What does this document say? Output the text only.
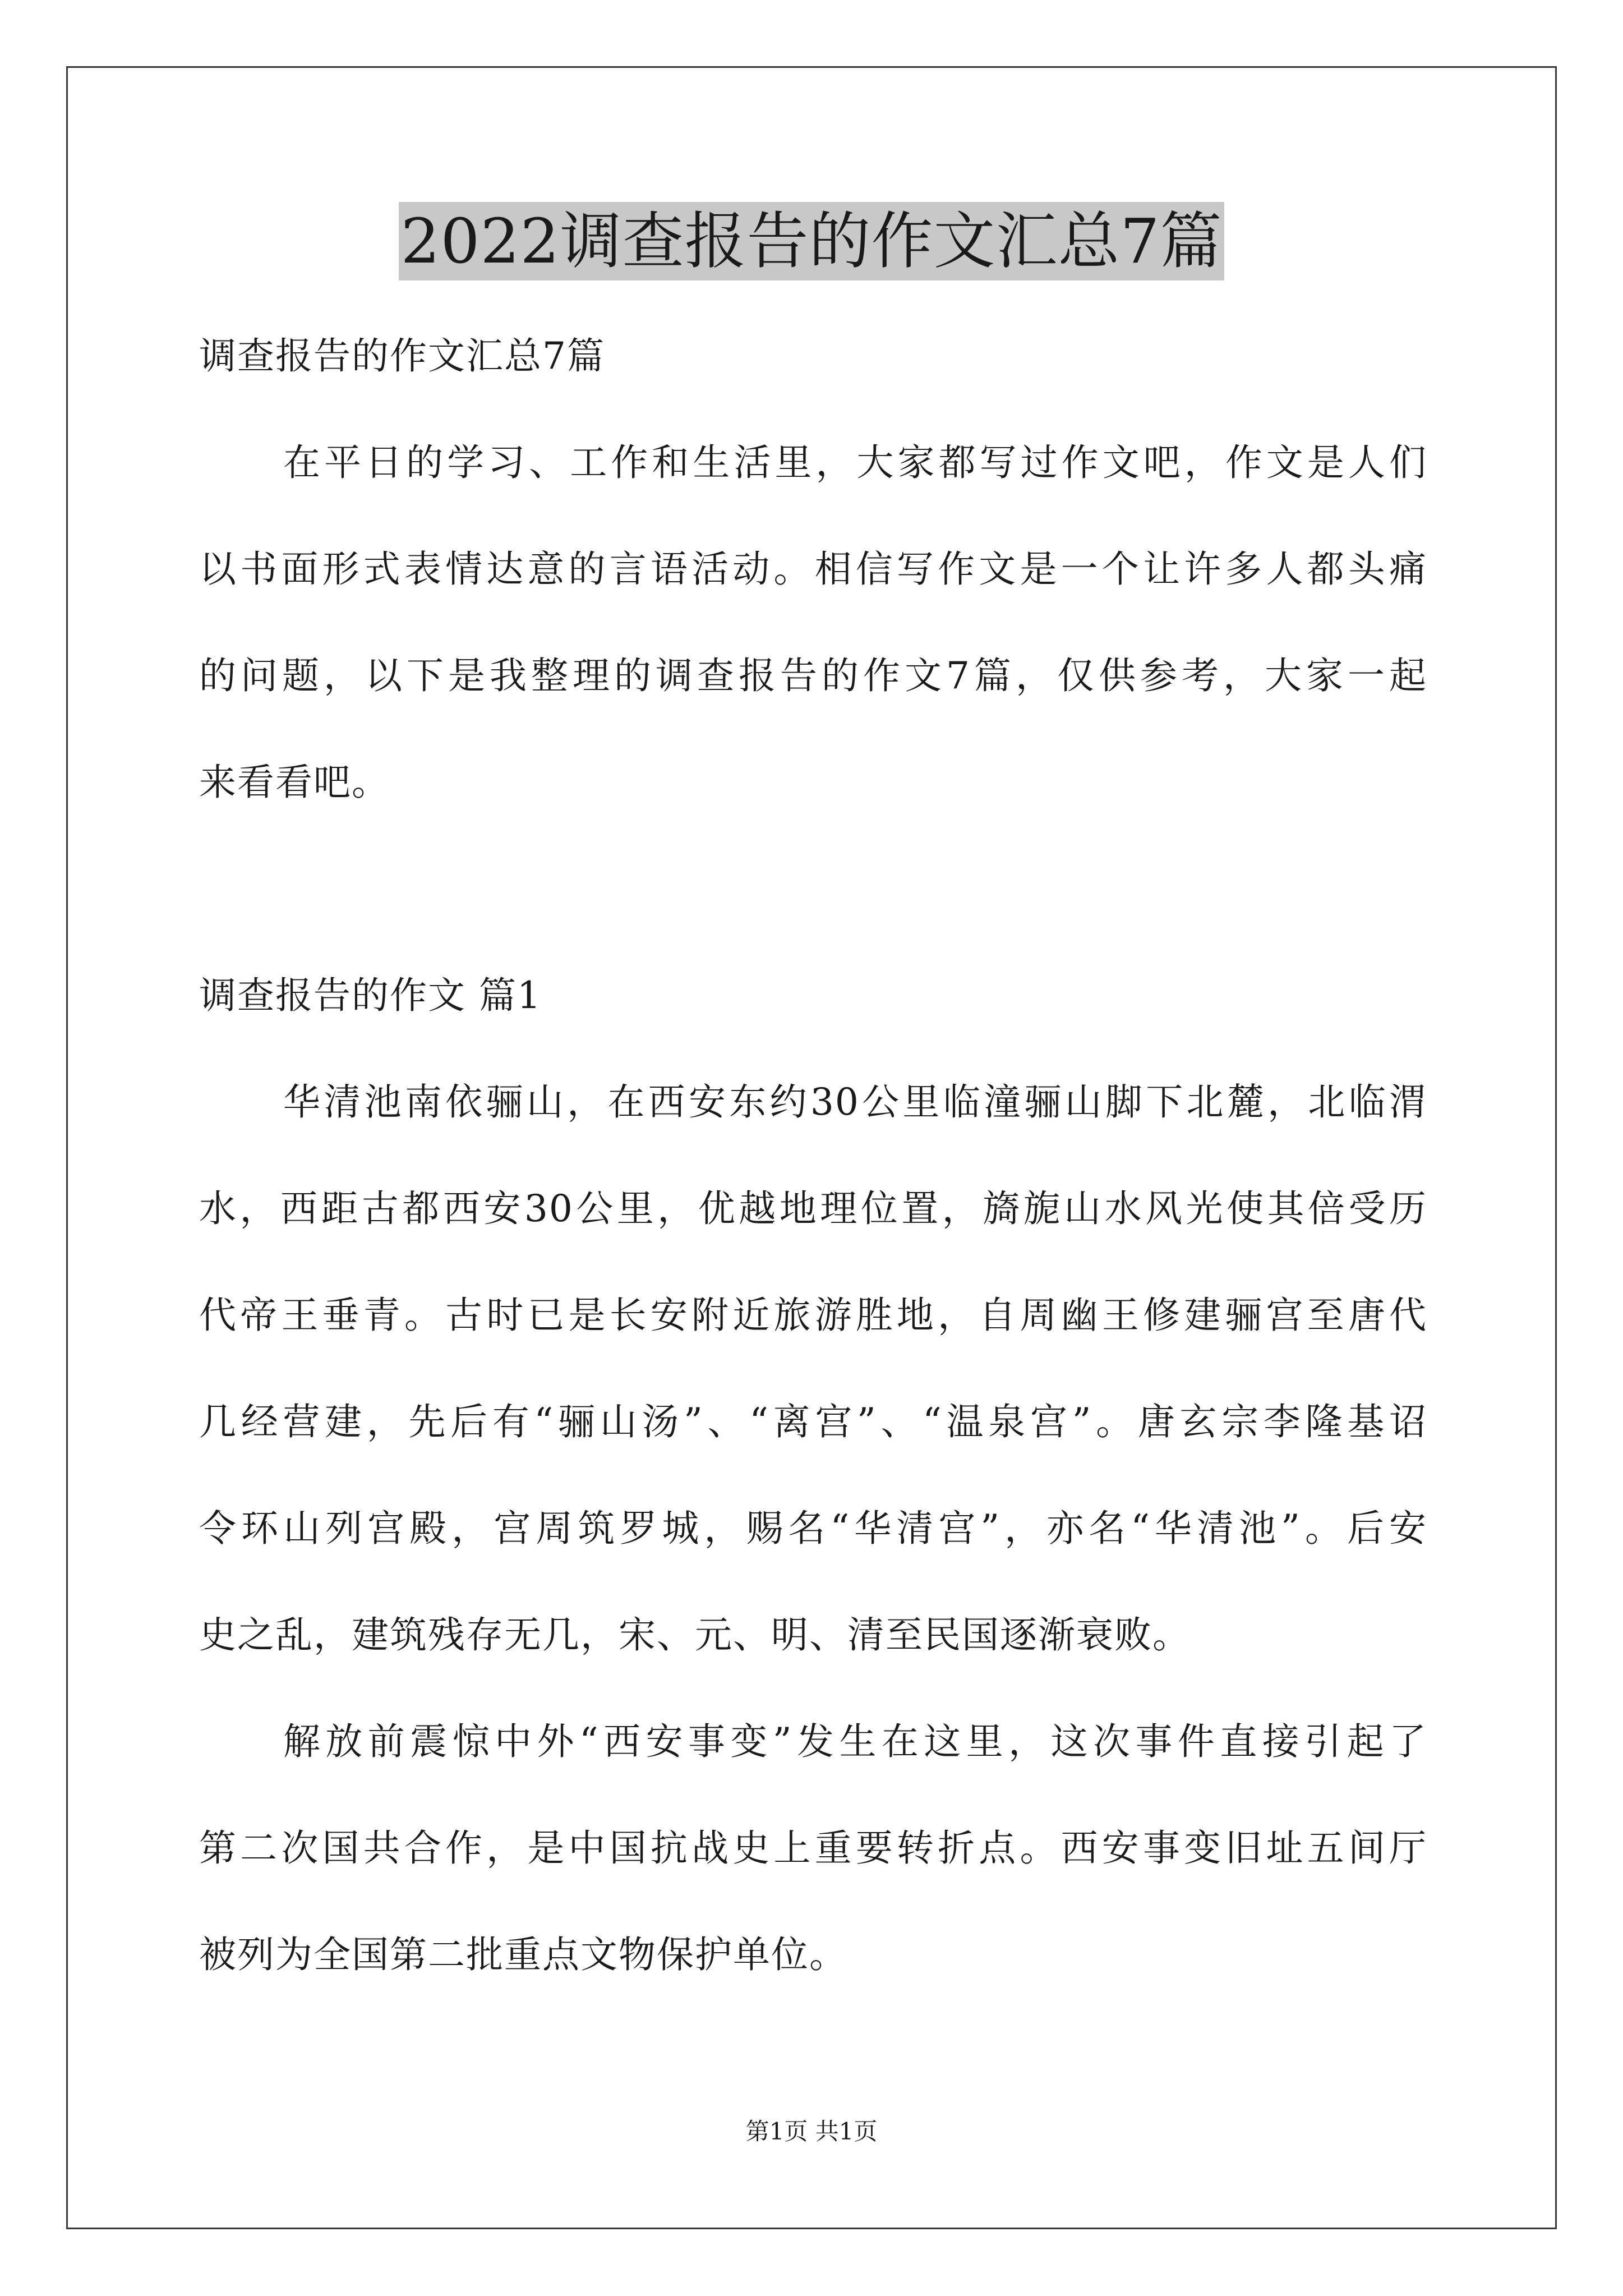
2022调查报告的作文汇总7篇
调查报告的作文汇总7篇
在平日的学习、工作和生活里，大家都写过作文吧，作文是人们
以书面形式表情达意的言语活动。相信写作文是一个让许多人都头痛
的问题，以下是我整理的调查报告的作文7篇，仅供参考，大家一起
来看看吧。
调查报告的作文 篇1
华清池南依骊山，在西安东约30公里临潼骊山脚下北麓，北临渭
水，西距古都西安30公里，优越地理位置，旖旎山水风光使其倍受历
代帝王垂青。古时已是长安附近旅游胜地，自周幽王修建骊宫至唐代
几经营建，先后有“骊山汤”、“离宫”、“温泉宫”。唐玄宗李隆基诏
令环山列宫殿，宫周筑罗城，赐名“华清宫”，亦名“华清池”。后安
史之乱，建筑残存无几，宋、元、明、清至民国逐渐衰败。
解放前震惊中外“西安事变”发生在这里，这次事件直接引起了
第二次国共合作，是中国抗战史上重要转折点。西安事变旧址五间厅
被列为全国第二批重点文物保护单位。
第1页 共1页
